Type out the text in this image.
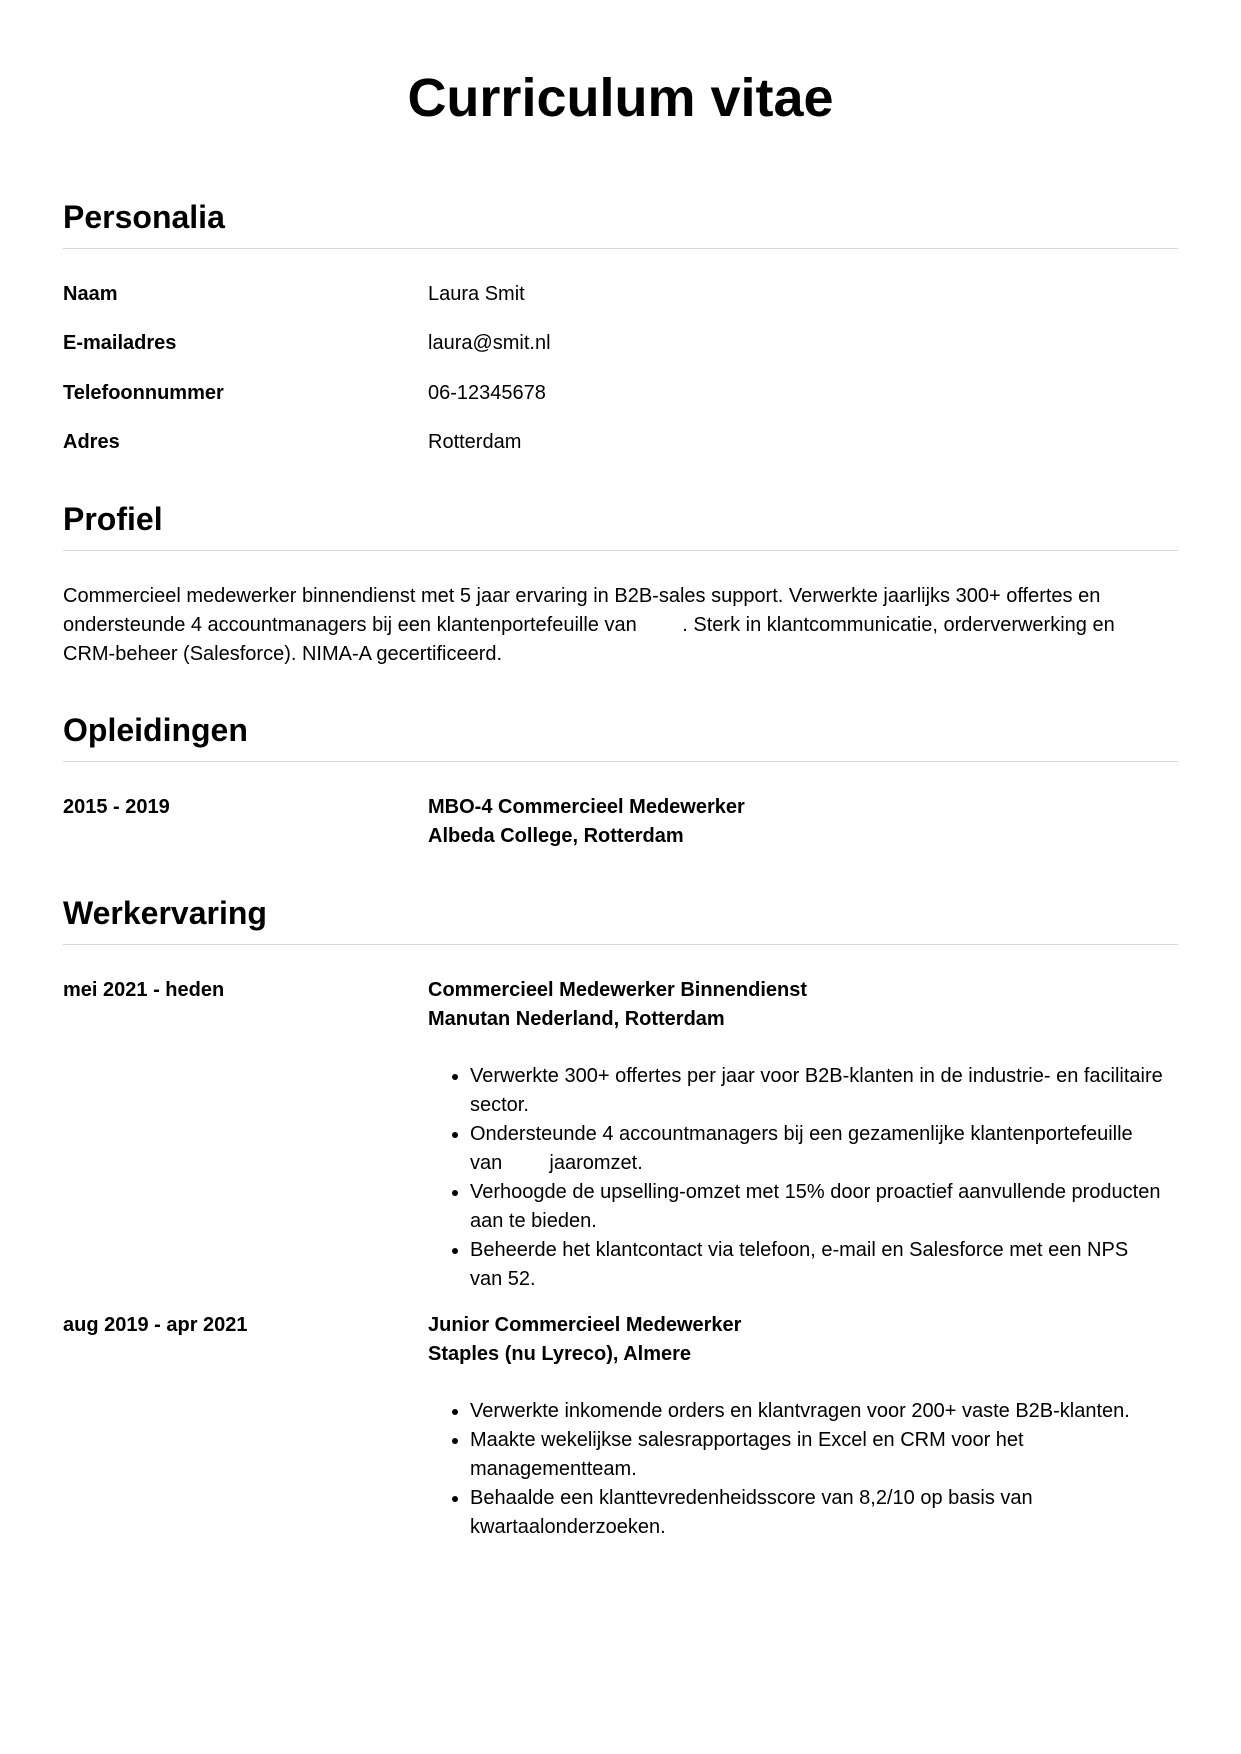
Curriculum vitae
Personalia
Naam	Laura Smit
E-mailadres	laura@smit.nl
Telefoonnummer	06-12345678
Adres	Rotterdam
Profiel

Commercieel medewerker binnendienst met 5 jaar ervaring in B2B-sales support. Verwerkte jaarlijks 300+ offertes en ondersteunde 4 accountmanagers bij een klantenportefeuille van . Sterk in klantcommunicatie, orderverwerking en CRM-beheer (Salesforce). NIMA-A gecertificeerd.

Opleidingen
2015 - 2019	MBO-4 Commercieel Medewerker
Albeda College, Rotterdam
Werkervaring
mei 2021 - heden	Commercieel Medewerker Binnendienst
Manutan Nederland, Rotterdam
• Verwerkte 300+ offertes per jaar voor B2B-klanten in de industrie- en facilitaire sector.
• Ondersteunde 4 accountmanagers bij een gezamenlijke klantenportefeuille van jaaromzet.
• Verhoogde de upselling-omzet met 15% door proactief aanvullende producten aan te bieden.
• Beheerde het klantcontact via telefoon, e-mail en Salesforce met een NPS van 52.
aug 2019 - apr 2021	Junior Commercieel Medewerker
Staples (nu Lyreco), Almere
• Verwerkte inkomende orders en klantvragen voor 200+ vaste B2B-klanten.
• Maakte wekelijkse salesrapportages in Excel en CRM voor het managementteam.
• Behaalde een klanttevredenheidsscore van 8,2/10 op basis van kwartaalonderzoeken.
